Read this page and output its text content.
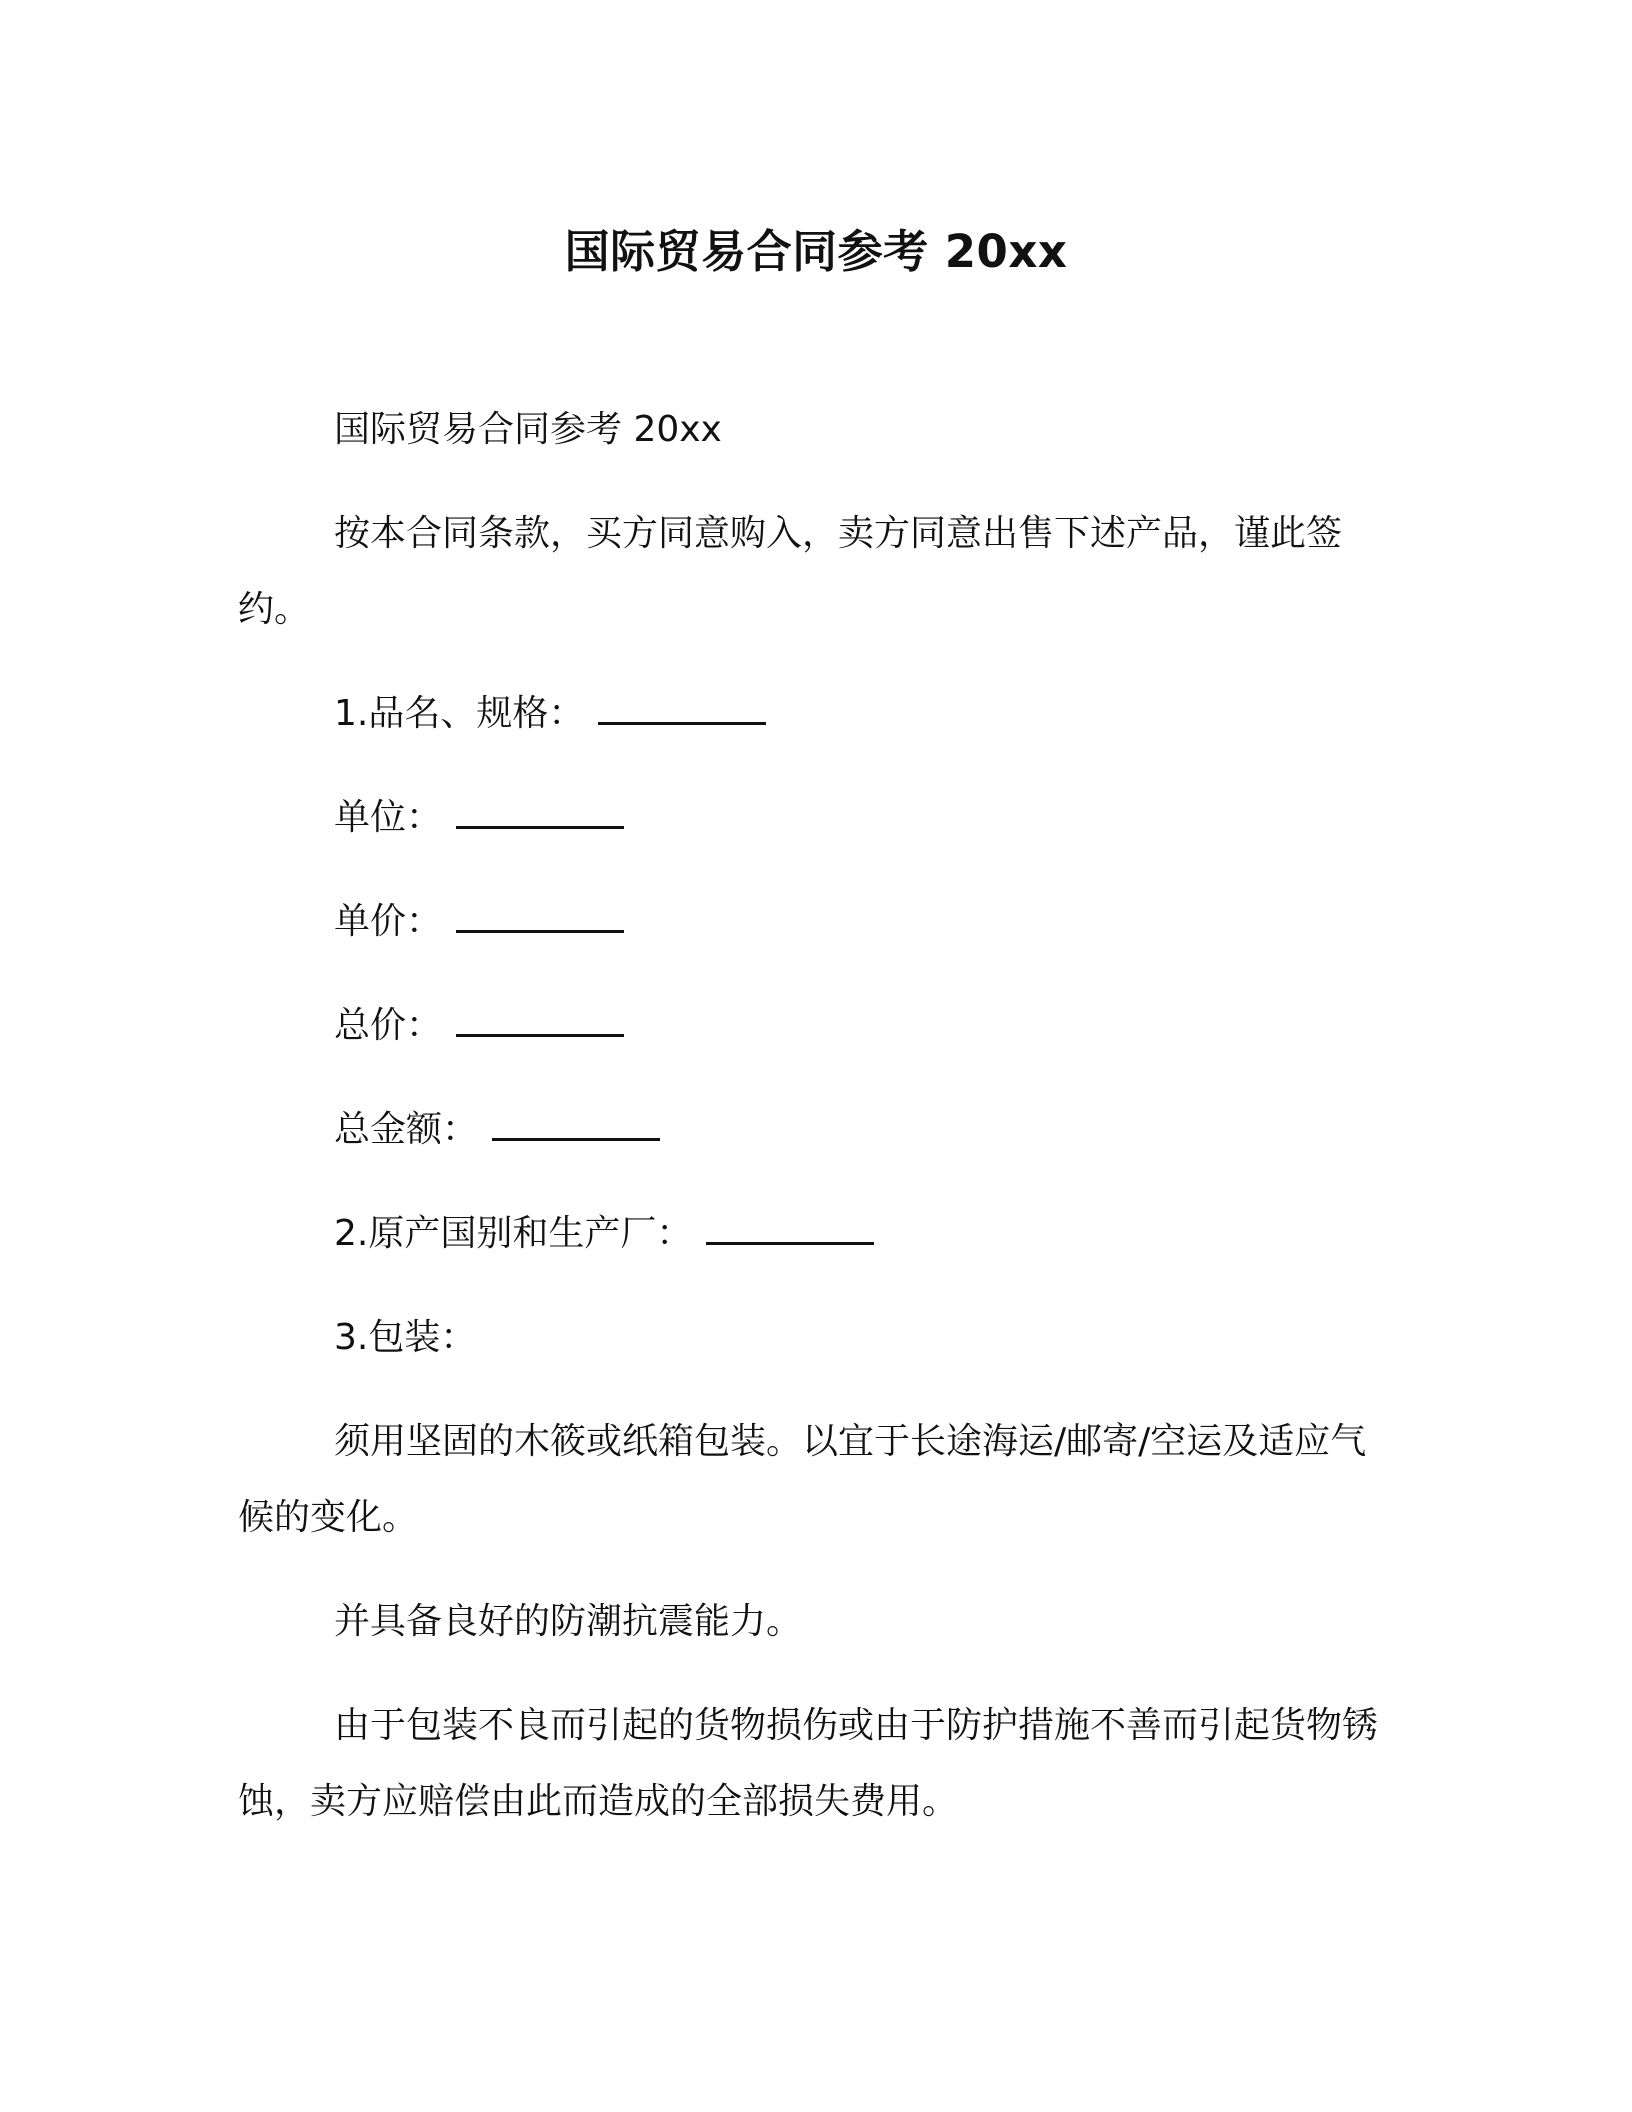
国际贸易合同参考 20xx

国际贸易合同参考 20xx

按本合同条款，买方同意购入，卖方同意出售下述产品，谨此签约。

1.品名、规格：

单位：

单价：

总价：

总金额：

2.原产国别和生产厂：

3.包装：

须用坚固的木筱或纸箱包装。以宜于长途海运/邮寄/空运及适应气候的变化。

并具备良好的防潮抗震能力。

由于包装不良而引起的货物损伤或由于防护措施不善而引起货物锈蚀，卖方应赔偿由此而造成的全部损失费用。
